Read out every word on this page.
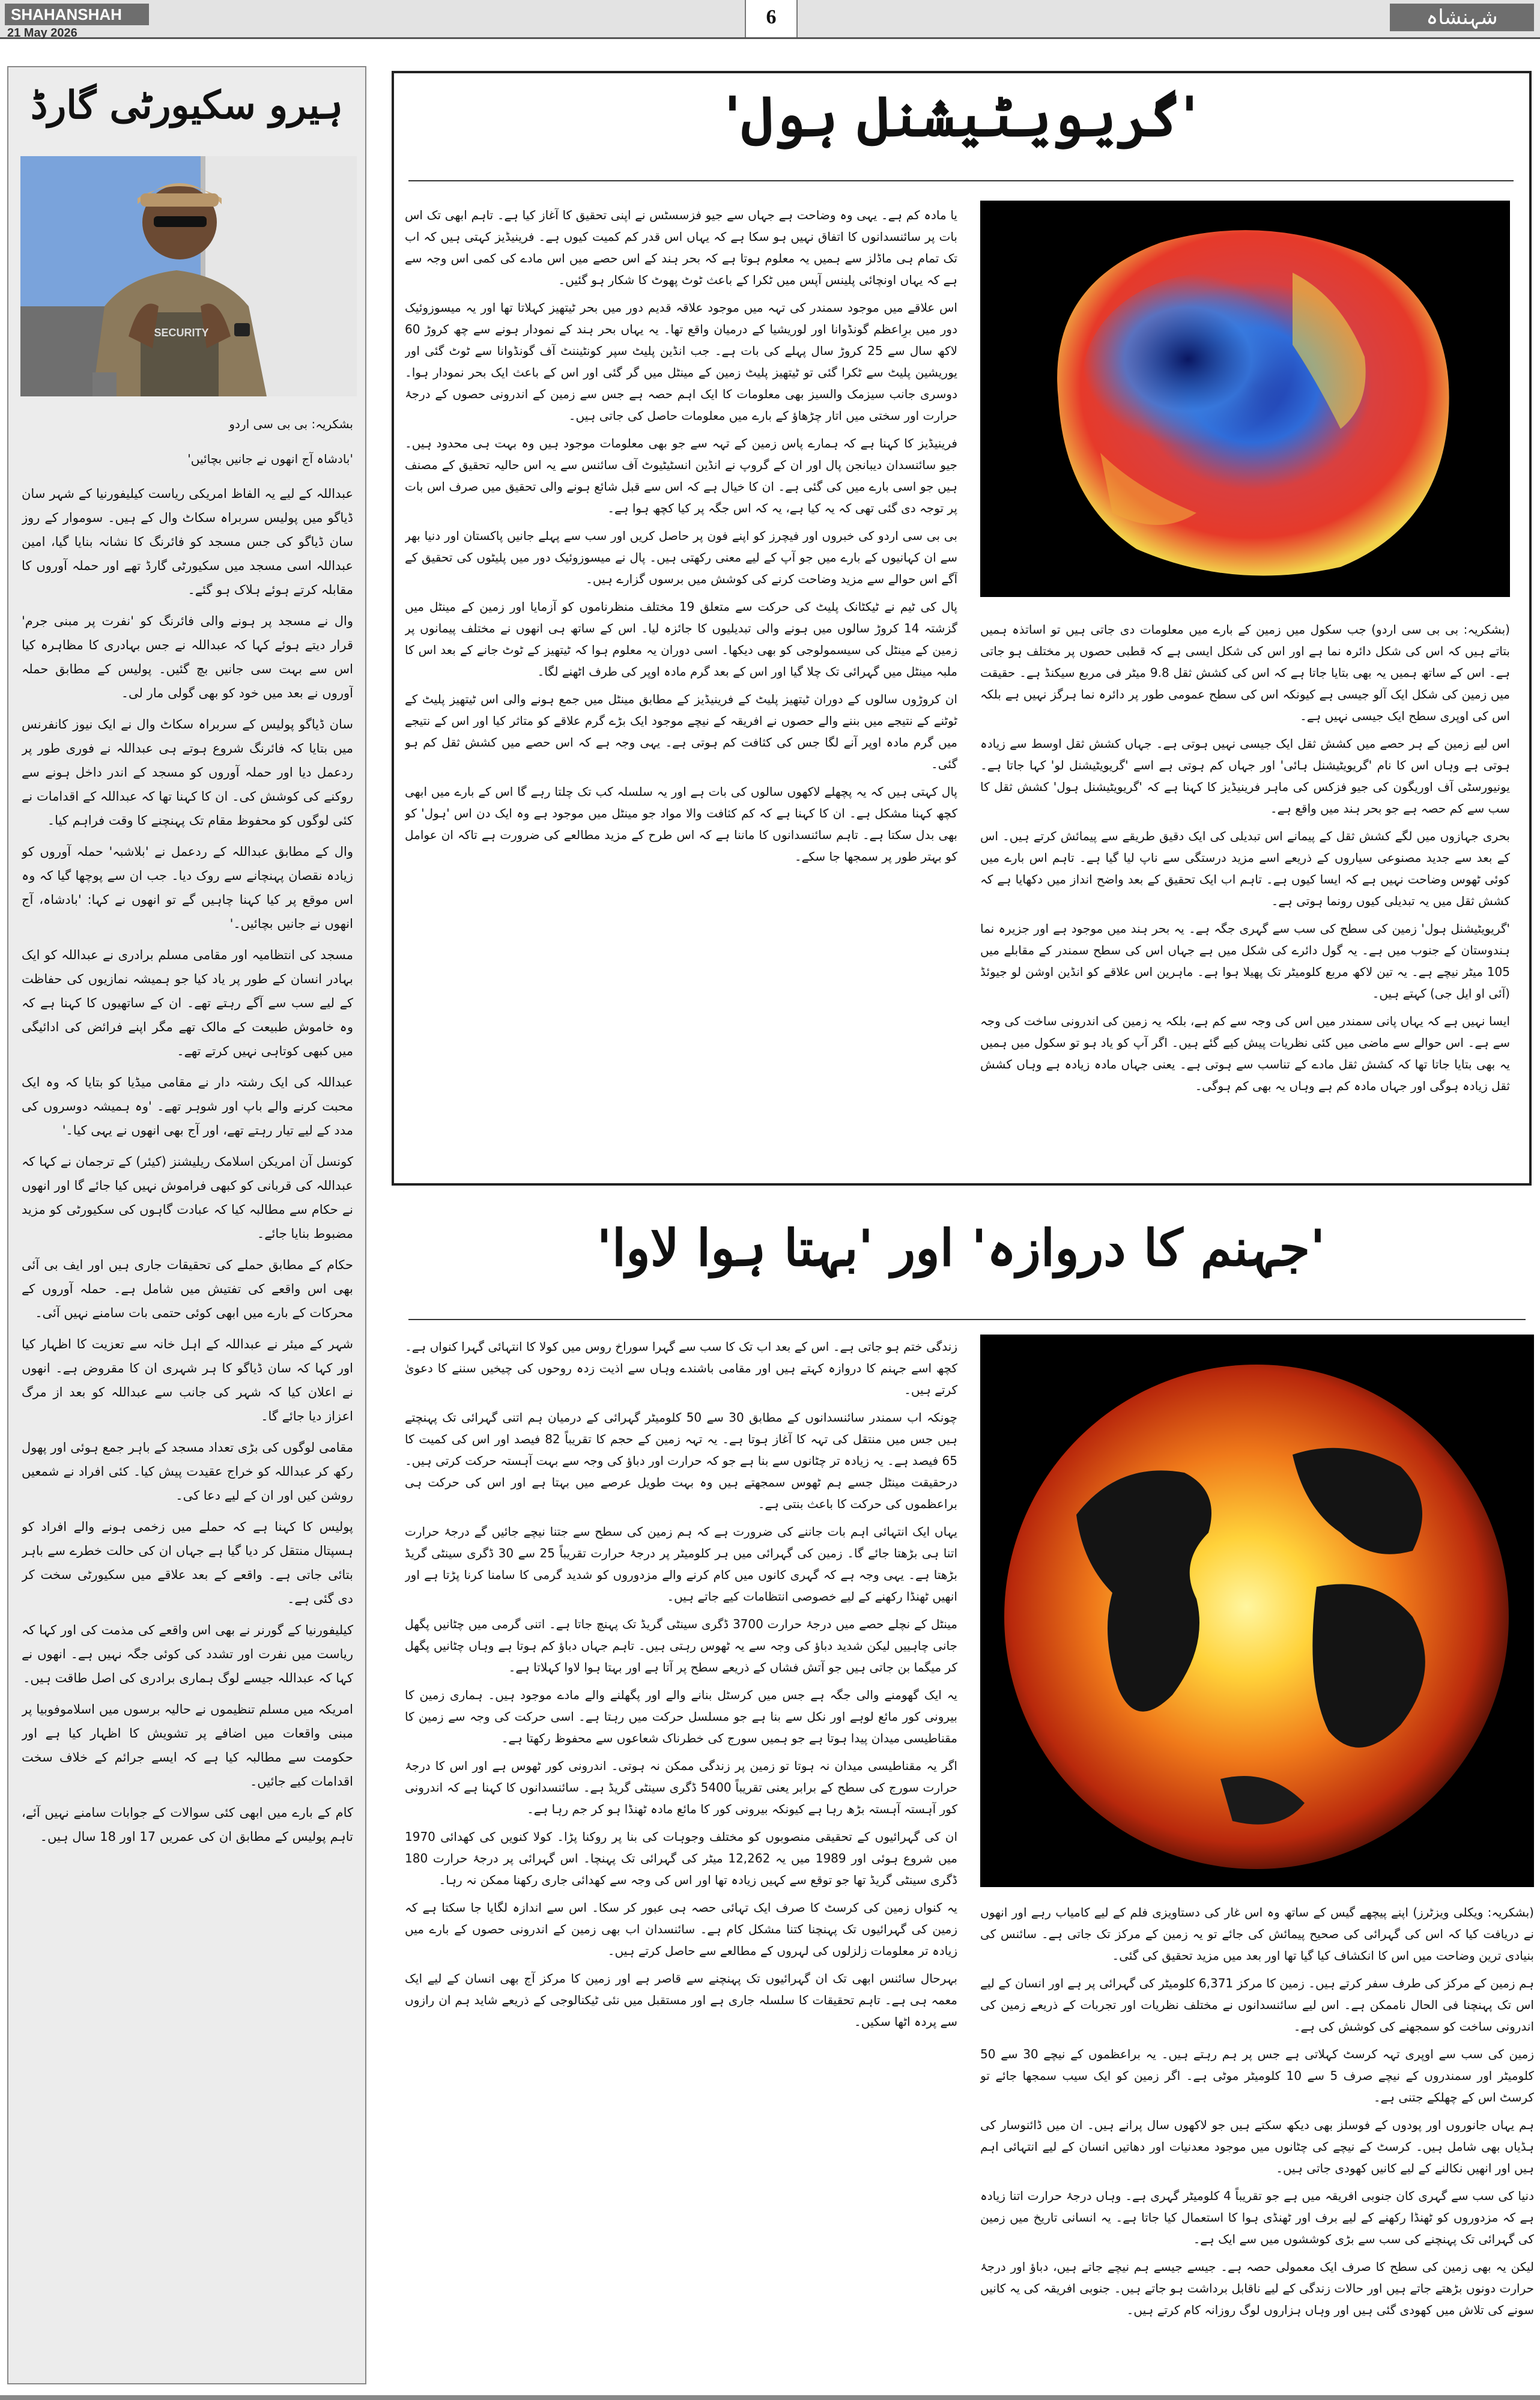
SHAHANSHAH
21 May 2026
6	شہنشاہ
ہیرو سکیورٹی گارڈ
SECURITY

بشکریہ: بی بی سی اردو

'بادشاہ آج انھوں نے جانیں بچائیں'

عبداللہ کے لیے یہ الفاظ امریکی ریاست کیلیفورنیا کے شہر سان ڈیاگو میں پولیس سربراہ سکاٹ وال کے ہیں۔ سوموار کے روز سان ڈیاگو کی جس مسجد کو فائرنگ کا نشانہ بنایا گیا، امین عبداللہ اسی مسجد میں سکیورٹی گارڈ تھے اور حملہ آوروں کا مقابلہ کرتے ہوئے ہلاک ہو گئے۔

وال نے مسجد پر ہونے والی فائرنگ کو 'نفرت پر مبنی جرم' قرار دیتے ہوئے کہا کہ عبداللہ نے جس بہادری کا مظاہرہ کیا اس سے بہت سی جانیں بچ گئیں۔ پولیس کے مطابق حملہ آوروں نے بعد میں خود کو بھی گولی مار لی۔

سان ڈیاگو پولیس کے سربراہ سکاٹ وال نے ایک نیوز کانفرنس میں بتایا کہ فائرنگ شروع ہوتے ہی عبداللہ نے فوری طور پر ردعمل دیا اور حملہ آوروں کو مسجد کے اندر داخل ہونے سے روکنے کی کوشش کی۔ ان کا کہنا تھا کہ عبداللہ کے اقدامات نے کئی لوگوں کو محفوظ مقام تک پہنچنے کا وقت فراہم کیا۔

وال کے مطابق عبداللہ کے ردعمل نے 'بلاشبہ' حملہ آوروں کو زیادہ نقصان پہنچانے سے روک دیا۔ جب ان سے پوچھا گیا کہ وہ اس موقع پر کیا کہنا چاہیں گے تو انھوں نے کہا: 'بادشاہ، آج انھوں نے جانیں بچائیں۔'

مسجد کی انتظامیہ اور مقامی مسلم برادری نے عبداللہ کو ایک بہادر انسان کے طور پر یاد کیا جو ہمیشہ نمازیوں کی حفاظت کے لیے سب سے آگے رہتے تھے۔ ان کے ساتھیوں کا کہنا ہے کہ وہ خاموش طبیعت کے مالک تھے مگر اپنے فرائض کی ادائیگی میں کبھی کوتاہی نہیں کرتے تھے۔

عبداللہ کی ایک رشتہ دار نے مقامی میڈیا کو بتایا کہ وہ ایک محبت کرنے والے باپ اور شوہر تھے۔ 'وہ ہمیشہ دوسروں کی مدد کے لیے تیار رہتے تھے، اور آج بھی انھوں نے یہی کیا۔'

کونسل آن امریکن اسلامک ریلیشنز (کیئر) کے ترجمان نے کہا کہ عبداللہ کی قربانی کو کبھی فراموش نہیں کیا جائے گا اور انھوں نے حکام سے مطالبہ کیا کہ عبادت گاہوں کی سکیورٹی کو مزید مضبوط بنایا جائے۔

حکام کے مطابق حملے کی تحقیقات جاری ہیں اور ایف بی آئی بھی اس واقعے کی تفتیش میں شامل ہے۔ حملہ آوروں کے محرکات کے بارے میں ابھی کوئی حتمی بات سامنے نہیں آئی۔

شہر کے میئر نے عبداللہ کے اہل خانہ سے تعزیت کا اظہار کیا اور کہا کہ سان ڈیاگو کا ہر شہری ان کا مقروض ہے۔ انھوں نے اعلان کیا کہ شہر کی جانب سے عبداللہ کو بعد از مرگ اعزاز دیا جائے گا۔

مقامی لوگوں کی بڑی تعداد مسجد کے باہر جمع ہوئی اور پھول رکھ کر عبداللہ کو خراج عقیدت پیش کیا۔ کئی افراد نے شمعیں روشن کیں اور ان کے لیے دعا کی۔

پولیس کا کہنا ہے کہ حملے میں زخمی ہونے والے افراد کو ہسپتال منتقل کر دیا گیا ہے جہاں ان کی حالت خطرے سے باہر بتائی جاتی ہے۔ واقعے کے بعد علاقے میں سکیورٹی سخت کر دی گئی ہے۔

کیلیفورنیا کے گورنر نے بھی اس واقعے کی مذمت کی اور کہا کہ ریاست میں نفرت اور تشدد کی کوئی جگہ نہیں ہے۔ انھوں نے کہا کہ عبداللہ جیسے لوگ ہماری برادری کی اصل طاقت ہیں۔

امریکہ میں مسلم تنظیموں نے حالیہ برسوں میں اسلاموفوبیا پر مبنی واقعات میں اضافے پر تشویش کا اظہار کیا ہے اور حکومت سے مطالبہ کیا ہے کہ ایسے جرائم کے خلاف سخت اقدامات کیے جائیں۔

کام کے بارے میں ابھی کئی سوالات کے جوابات سامنے نہیں آئے، تاہم پولیس کے مطابق ان کی عمریں 17 اور 18 سال ہیں۔

'گریویٹیشنل ہول'

یا مادہ کم ہے۔ یہی وہ وضاحت ہے جہاں سے جیو فزسسٹس نے اپنی تحقیق کا آغاز کیا ہے۔ تاہم ابھی تک اس بات پر سائنسدانوں کا اتفاق نہیں ہو سکا ہے کہ یہاں اس قدر کم کمیت کیوں ہے۔ فرینیڈیز کہتی ہیں کہ اب تک تمام ہی ماڈلز سے ہمیں یہ معلوم ہوتا ہے کہ بحر ہند کے اس حصے میں اس مادے کی کمی اس وجہ سے ہے کہ یہاں اونچائی پلینس آپس میں ٹکرا کے باعث ٹوٹ پھوٹ کا شکار ہو گئیں۔

اس علاقے میں موجود سمندر کی تہہ میں موجود علاقہ قدیم دور میں بحر ٹیتھیز کہلاتا تھا اور یہ میسوزوئیک دور میں برِاعظم گونڈوانا اور لوریشیا کے درمیان واقع تھا۔ یہ یہاں بحر ہند کے نمودار ہونے سے چھ کروڑ 60 لاکھ سال سے 25 کروڑ سال پہلے کی بات ہے۔ جب انڈین پلیٹ سپر کونٹیننٹ آف گونڈوانا سے ٹوٹ گئی اور یوریشین پلیٹ سے ٹکرا گئی تو ٹیتھیز پلیٹ زمین کے مینٹل میں گر گئی اور اس کے باعث ایک بحر نمودار ہوا۔ دوسری جانب سیزمک والسیز بھی معلومات کا ایک اہم حصہ ہے جس سے زمین کے اندرونی حصوں کے درجۂ حرارت اور سختی میں اتار چڑھاؤ کے بارے میں معلومات حاصل کی جاتی ہیں۔

فرینیڈیز کا کہنا ہے کہ ہمارے پاس زمین کے تہہ سے جو بھی معلومات موجود ہیں وہ بہت ہی محدود ہیں۔ جیو سائنسدان دیبانجن پال اور ان کے گروپ نے انڈین انسٹیٹیوٹ آف سائنس سے یہ اس حالیہ تحقیق کے مصنف ہیں جو اسی بارے میں کی گئی ہے۔ ان کا خیال ہے کہ اس سے قبل شائع ہونے والی تحقیق میں صرف اس بات پر توجہ دی گئی تھی کہ یہ کیا ہے، یہ کہ اس جگہ پر کیا کچھ ہوا ہے۔

بی بی سی اردو کی خبروں اور فیچرز کو اپنے فون پر حاصل کریں اور سب سے پہلے جانیں پاکستان اور دنیا بھر سے ان کہانیوں کے بارے میں جو آپ کے لیے معنی رکھتی ہیں۔ پال نے میسوزوئیک دور میں پلیٹوں کی تحقیق کے آگے اس حوالے سے مزید وضاحت کرنے کی کوشش میں برسوں گزارے ہیں۔

پال کی ٹیم نے ٹیکٹانک پلیٹ کی حرکت سے متعلق 19 مختلف منظرناموں کو آزمایا اور زمین کے مینٹل میں گزشتہ 14 کروڑ سالوں میں ہونے والی تبدیلیوں کا جائزہ لیا۔ اس کے ساتھ ہی انھوں نے مختلف پیمانوں پر زمین کے مینٹل کی سیسمولوجی کو بھی دیکھا۔ اسی دوران یہ معلوم ہوا کہ ٹیتھیز کے ٹوٹ جانے کے بعد اس کا ملبہ مینٹل میں گہرائی تک چلا گیا اور اس کے بعد گرم مادہ اوپر کی طرف اٹھنے لگا۔

ان کروڑوں سالوں کے دوران ٹیتھیز پلیٹ کے فرینیڈیز کے مطابق مینٹل میں جمع ہونے والی اس ٹیتھیز پلیٹ کے ٹوٹنے کے نتیجے میں بننے والے حصوں نے افریقہ کے نیچے موجود ایک بڑے گرم علاقے کو متاثر کیا اور اس کے نتیجے میں گرم مادہ اوپر آنے لگا جس کی کثافت کم ہوتی ہے۔ یہی وجہ ہے کہ اس حصے میں کشش ثقل کم ہو گئی۔

پال کہتی ہیں کہ یہ پچھلے لاکھوں سالوں کی بات ہے اور یہ سلسلہ کب تک چلتا رہے گا اس کے بارے میں ابھی کچھ کہنا مشکل ہے۔ ان کا کہنا ہے کہ کم کثافت والا مواد جو مینٹل میں موجود ہے وہ ایک دن اس 'ہول' کو بھی بدل سکتا ہے۔ تاہم سائنسدانوں کا ماننا ہے کہ اس طرح کے مزید مطالعے کی ضرورت ہے تاکہ ان عوامل کو بہتر طور پر سمجھا جا سکے۔

(بشکریہ: بی بی سی اردو) جب سکول میں زمین کے بارے میں معلومات دی جاتی ہیں تو اساتذہ ہمیں بتاتے ہیں کہ اس کی شکل دائرہ نما ہے اور اس کی شکل ایسی ہے کہ قطبی حصوں پر مختلف ہو جاتی ہے۔ اس کے ساتھ ہمیں یہ بھی بتایا جاتا ہے کہ اس کی کشش ثقل 9.8 میٹر فی مربع سیکنڈ ہے۔ حقیقت میں زمین کی شکل ایک آلو جیسی ہے کیونکہ اس کی سطح عمومی طور پر دائرہ نما ہرگز نہیں ہے بلکہ اس کی اوپری سطح ایک جیسی نہیں ہے۔

اس لیے زمین کے ہر حصے میں کشش ثقل ایک جیسی نہیں ہوتی ہے۔ جہاں کشش ثقل اوسط سے زیادہ ہوتی ہے وہاں اس کا نام 'گریویٹیشنل ہائی' اور جہاں کم ہوتی ہے اسے 'گریویٹیشنل لو' کہا جاتا ہے۔ یونیورسٹی آف اوریگون کی جیو فزکس کی ماہر فرینیڈیز کا کہنا ہے کہ 'گریویٹیشنل ہول' کشش ثقل کا سب سے کم حصہ ہے جو بحر ہند میں واقع ہے۔

بحری جہازوں میں لگے کشش ثقل کے پیمانے اس تبدیلی کی ایک دقیق طریقے سے پیمائش کرتے ہیں۔ اس کے بعد سے جدید مصنوعی سیاروں کے ذریعے اسے مزید درستگی سے ناپ لیا گیا ہے۔ تاہم اس بارے میں کوئی ٹھوس وضاحت نہیں ہے کہ ایسا کیوں ہے۔ تاہم اب ایک تحقیق کے بعد واضح انداز میں دکھایا ہے کہ کشش ثقل میں یہ تبدیلی کیوں رونما ہوتی ہے۔

'گریویٹیشنل ہول' زمین کی سطح کی سب سے گہری جگہ ہے۔ یہ بحر ہند میں موجود ہے اور جزیرہ نما ہندوستان کے جنوب میں ہے۔ یہ گول دائرے کی شکل میں ہے جہاں اس کی سطح سمندر کے مقابلے میں 105 میٹر نیچے ہے۔ یہ تین لاکھ مربع کلومیٹر تک پھیلا ہوا ہے۔ ماہرین اس علاقے کو انڈین اوشن لو جیوئڈ (آئی او ایل جی) کہتے ہیں۔

ایسا نہیں ہے کہ یہاں پانی سمندر میں اس کی وجہ سے کم ہے، بلکہ یہ زمین کی اندرونی ساخت کی وجہ سے ہے۔ اس حوالے سے ماضی میں کئی نظریات پیش کیے گئے ہیں۔ اگر آپ کو یاد ہو تو سکول میں ہمیں یہ بھی بتایا جاتا تھا کہ کشش ثقل مادے کے تناسب سے ہوتی ہے۔ یعنی جہاں مادہ زیادہ ہے وہاں کشش ثقل زیادہ ہوگی اور جہاں مادہ کم ہے وہاں یہ بھی کم ہوگی۔

'جہنم کا دروازہ' اور 'بہتا ہوا لاوا'

زندگی ختم ہو جاتی ہے۔ اس کے بعد اب تک کا سب سے گہرا سوراخ روس میں کولا کا انتہائی گہرا کنواں ہے۔ کچھ اسے جہنم کا دروازہ کہتے ہیں اور مقامی باشندے وہاں سے اذیت زدہ روحوں کی چیخیں سننے کا دعویٰ کرتے ہیں۔

چونکہ اب سمندر سائنسدانوں کے مطابق 30 سے 50 کلومیٹر گہرائی کے درمیان ہم اتنی گہرائی تک پہنچتے ہیں جس میں منتقل کی تہہ کا آغاز ہوتا ہے۔ یہ تہہ زمین کے حجم کا تقریباً 82 فیصد اور اس کی کمیت کا 65 فیصد ہے۔ یہ زیادہ تر چٹانوں سے بنا ہے جو کہ حرارت اور دباؤ کی وجہ سے بہت آہستہ حرکت کرتی ہیں۔ درحقیقت مینٹل جسے ہم ٹھوس سمجھتے ہیں وہ بہت طویل عرصے میں بہتا ہے اور اس کی حرکت ہی براعظموں کی حرکت کا باعث بنتی ہے۔

یہاں ایک انتہائی اہم بات جاننے کی ضرورت ہے کہ ہم زمین کی سطح سے جتنا نیچے جائیں گے درجۂ حرارت اتنا ہی بڑھتا جائے گا۔ زمین کی گہرائی میں ہر کلومیٹر پر درجۂ حرارت تقریباً 25 سے 30 ڈگری سینٹی گریڈ بڑھتا ہے۔ یہی وجہ ہے کہ گہری کانوں میں کام کرنے والے مزدوروں کو شدید گرمی کا سامنا کرنا پڑتا ہے اور انھیں ٹھنڈا رکھنے کے لیے خصوصی انتظامات کیے جاتے ہیں۔

مینٹل کے نچلے حصے میں درجۂ حرارت 3700 ڈگری سینٹی گریڈ تک پہنچ جاتا ہے۔ اتنی گرمی میں چٹانیں پگھل جانی چاہییں لیکن شدید دباؤ کی وجہ سے یہ ٹھوس رہتی ہیں۔ تاہم جہاں دباؤ کم ہوتا ہے وہاں چٹانیں پگھل کر میگما بن جاتی ہیں جو آتش فشاں کے ذریعے سطح پر آتا ہے اور بہتا ہوا لاوا کہلاتا ہے۔

یہ ایک گھومنے والی جگہ ہے جس میں کرسٹل بنانے والے اور پگھلنے والے مادے موجود ہیں۔ ہماری زمین کا بیرونی کور مائع لوہے اور نکل سے بنا ہے جو مسلسل حرکت میں رہتا ہے۔ اسی حرکت کی وجہ سے زمین کا مقناطیسی میدان پیدا ہوتا ہے جو ہمیں سورج کی خطرناک شعاعوں سے محفوظ رکھتا ہے۔

اگر یہ مقناطیسی میدان نہ ہوتا تو زمین پر زندگی ممکن نہ ہوتی۔ اندرونی کور ٹھوس ہے اور اس کا درجۂ حرارت سورج کی سطح کے برابر یعنی تقریباً 5400 ڈگری سینٹی گریڈ ہے۔ سائنسدانوں کا کہنا ہے کہ اندرونی کور آہستہ آہستہ بڑھ رہا ہے کیونکہ بیرونی کور کا مائع مادہ ٹھنڈا ہو کر جم رہا ہے۔

ان کی گہرائیوں کے تحقیقی منصوبوں کو مختلف وجوہات کی بنا پر روکنا پڑا۔ کولا کنویں کی کھدائی 1970 میں شروع ہوئی اور 1989 میں یہ 12,262 میٹر کی گہرائی تک پہنچا۔ اس گہرائی پر درجۂ حرارت 180 ڈگری سینٹی گریڈ تھا جو توقع سے کہیں زیادہ تھا اور اس کی وجہ سے کھدائی جاری رکھنا ممکن نہ رہا۔

یہ کنواں زمین کی کرسٹ کا صرف ایک تہائی حصہ ہی عبور کر سکا۔ اس سے اندازہ لگایا جا سکتا ہے کہ زمین کی گہرائیوں تک پہنچنا کتنا مشکل کام ہے۔ سائنسدان اب بھی زمین کے اندرونی حصوں کے بارے میں زیادہ تر معلومات زلزلوں کی لہروں کے مطالعے سے حاصل کرتے ہیں۔

بہرحال سائنس ابھی تک ان گہرائیوں تک پہنچنے سے قاصر ہے اور زمین کا مرکز آج بھی انسان کے لیے ایک معمہ ہی ہے۔ تاہم تحقیقات کا سلسلہ جاری ہے اور مستقبل میں نئی ٹیکنالوجی کے ذریعے شاید ہم ان رازوں سے پردہ اٹھا سکیں۔

(بشکریہ: ویکلی ویزٹرز) اپنے پیچھے گیس کے ساتھ وہ اس غار کی دستاویزی فلم کے لیے کامیاب رہے اور انھوں نے دریافت کیا کہ اس کی گہرائی کی صحیح پیمائش کی جائے تو یہ زمین کے مرکز تک جاتی ہے۔ سائنس کی بنیادی ترین وضاحت میں اس کا انکشاف کیا گیا تھا اور بعد میں مزید تحقیق کی گئی۔

ہم زمین کے مرکز کی طرف سفر کرتے ہیں۔ زمین کا مرکز 6,371 کلومیٹر کی گہرائی پر ہے اور انسان کے لیے اس تک پہنچنا فی الحال ناممکن ہے۔ اس لیے سائنسدانوں نے مختلف نظریات اور تجربات کے ذریعے زمین کی اندرونی ساخت کو سمجھنے کی کوشش کی ہے۔

زمین کی سب سے اوپری تہہ کرسٹ کہلاتی ہے جس پر ہم رہتے ہیں۔ یہ براعظموں کے نیچے 30 سے 50 کلومیٹر اور سمندروں کے نیچے صرف 5 سے 10 کلومیٹر موٹی ہے۔ اگر زمین کو ایک سیب سمجھا جائے تو کرسٹ اس کے چھلکے جتنی ہے۔

ہم یہاں جانوروں اور پودوں کے فوسلز بھی دیکھ سکتے ہیں جو لاکھوں سال پرانے ہیں۔ ان میں ڈائنوسار کی ہڈیاں بھی شامل ہیں۔ کرسٹ کے نیچے کی چٹانوں میں موجود معدنیات اور دھاتیں انسان کے لیے انتہائی اہم ہیں اور انھیں نکالنے کے لیے کانیں کھودی جاتی ہیں۔

دنیا کی سب سے گہری کان جنوبی افریقہ میں ہے جو تقریباً 4 کلومیٹر گہری ہے۔ وہاں درجۂ حرارت اتنا زیادہ ہے کہ مزدوروں کو ٹھنڈا رکھنے کے لیے برف اور ٹھنڈی ہوا کا استعمال کیا جاتا ہے۔ یہ انسانی تاریخ میں زمین کی گہرائی تک پہنچنے کی سب سے بڑی کوششوں میں سے ایک ہے۔

لیکن یہ بھی زمین کی سطح کا صرف ایک معمولی حصہ ہے۔ جیسے جیسے ہم نیچے جاتے ہیں، دباؤ اور درجۂ حرارت دونوں بڑھتے جاتے ہیں اور حالات زندگی کے لیے ناقابل برداشت ہو جاتے ہیں۔ جنوبی افریقہ کی یہ کانیں سونے کی تلاش میں کھودی گئی ہیں اور وہاں ہزاروں لوگ روزانہ کام کرتے ہیں۔
